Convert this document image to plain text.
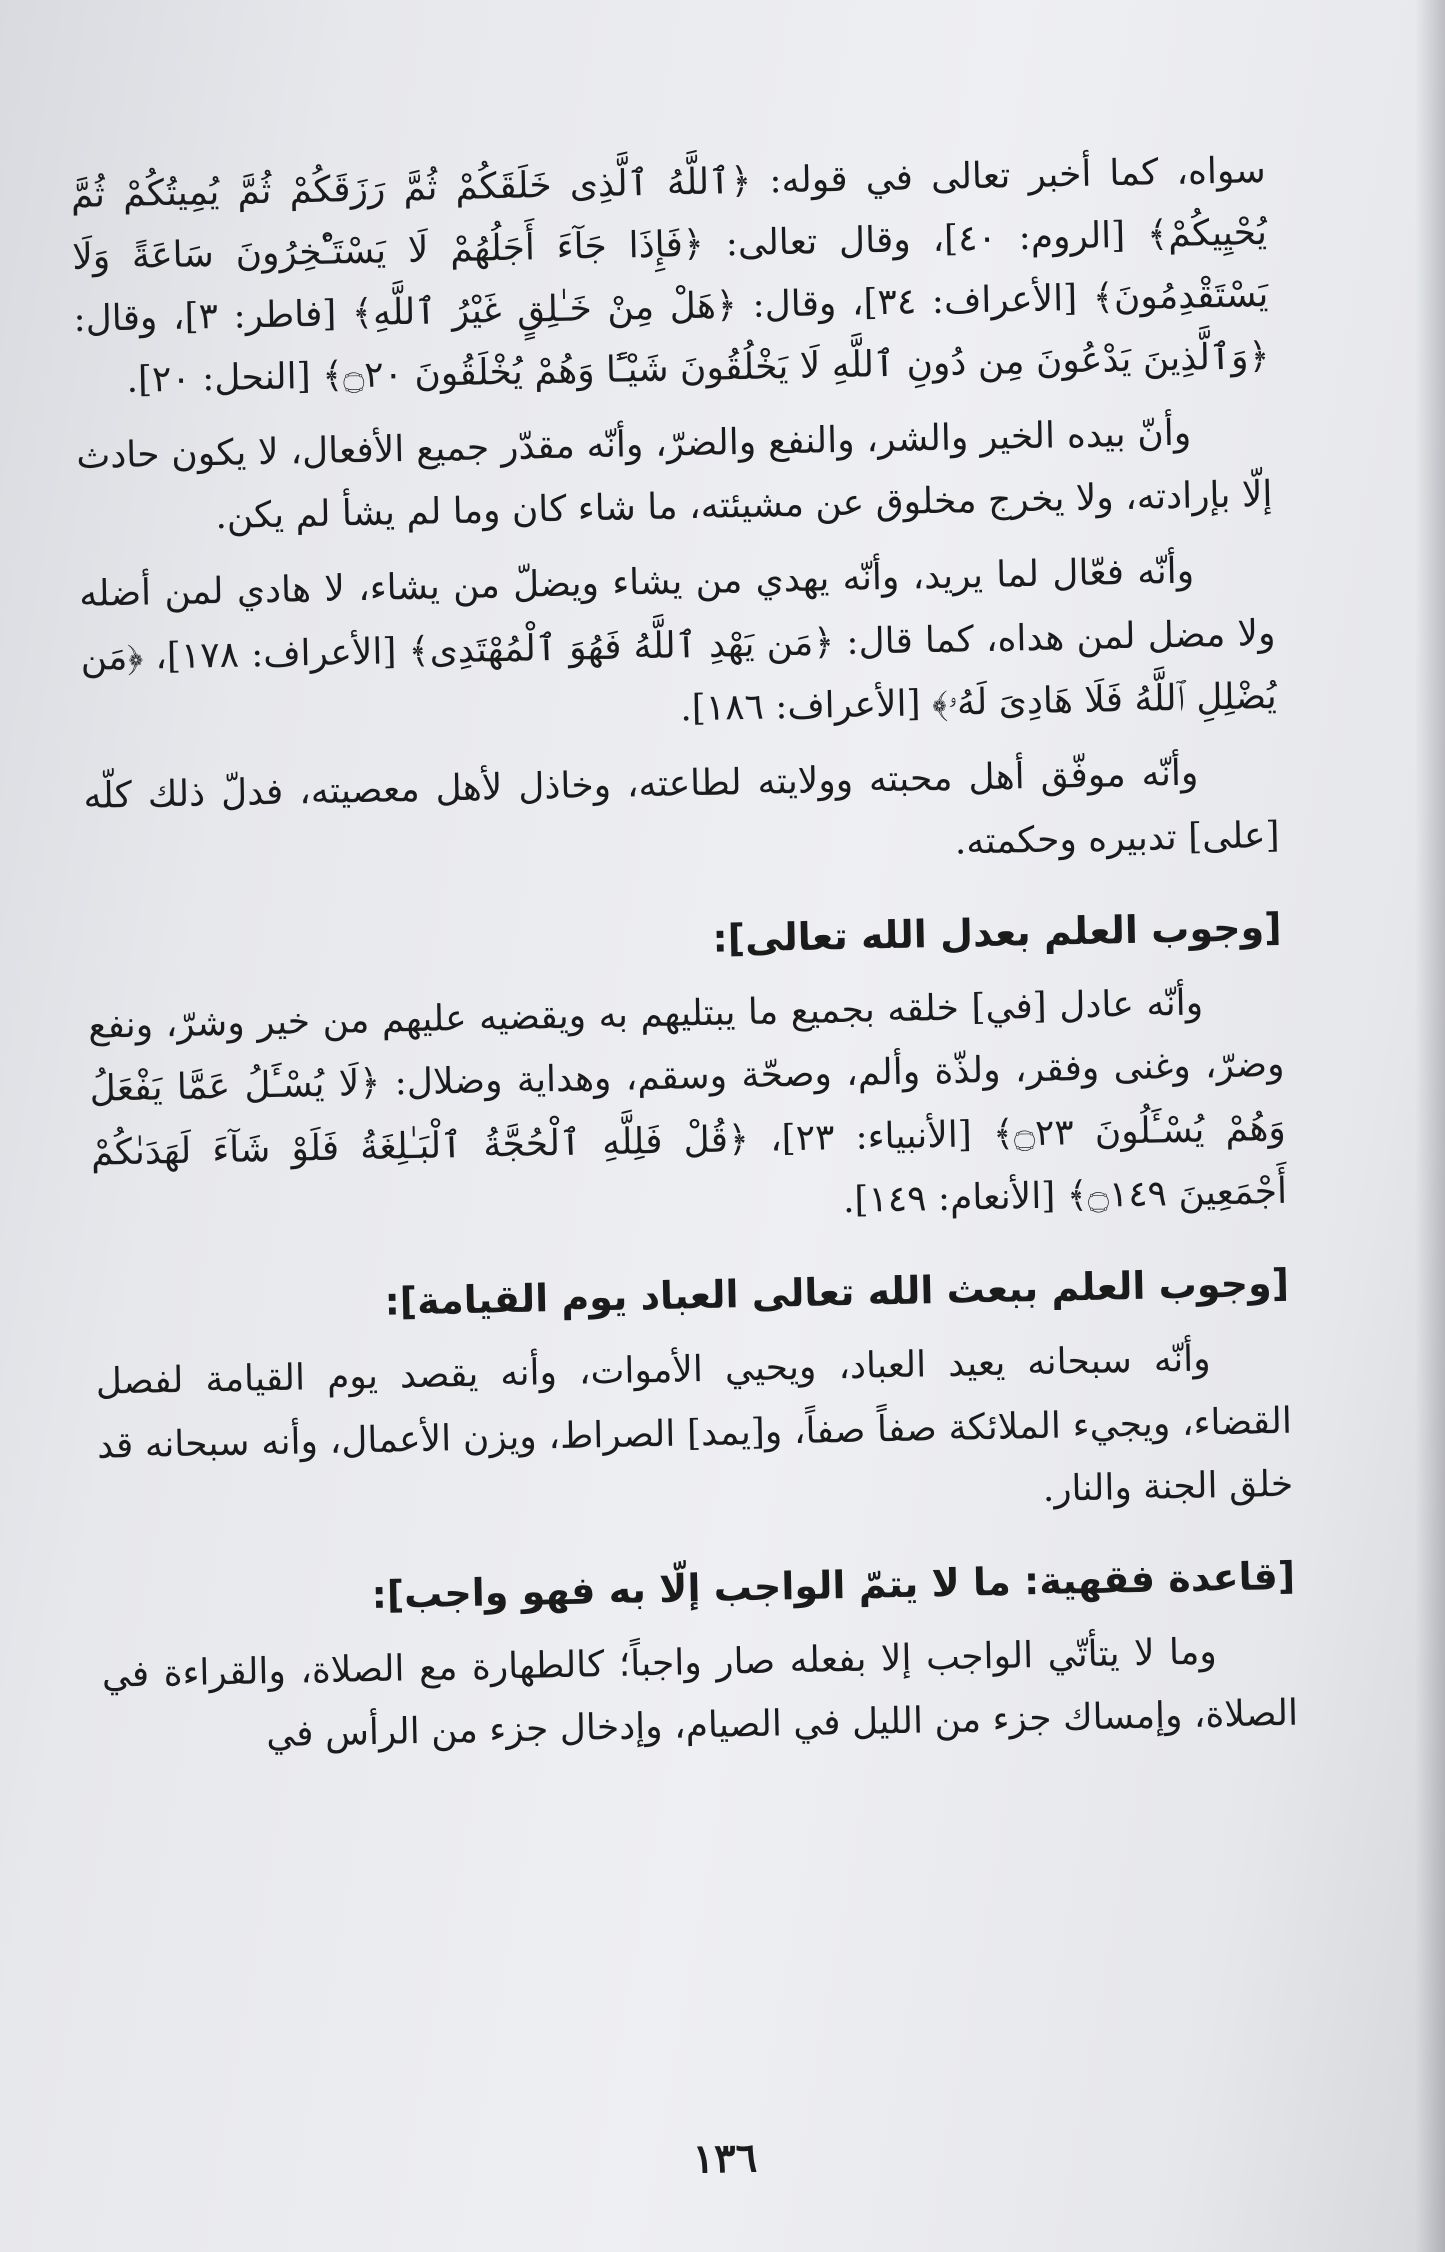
سواه، كما أخبر تعالى في قوله: ﴿ٱللَّهُ ٱلَّذِى خَلَقَكُمْ ثُمَّ رَزَقَكُمْ ثُمَّ يُمِيتُكُمْ ثُمَّ يُحْيِيكُمْ﴾ [الروم: ٤٠]، وقال تعالى: ﴿فَإِذَا جَآءَ أَجَلُهُمْ لَا يَسْتَـْٔخِرُونَ سَاعَةً وَلَا يَسْتَقْدِمُونَ﴾ [الأعراف: ٣٤]، وقال: ﴿هَلْ مِنْ خَـٰلِقٍ غَيْرُ ٱللَّهِ﴾ [فاطر: ٣]، وقال: ﴿وَٱلَّذِينَ يَدْعُونَ مِن دُونِ ٱللَّهِ لَا يَخْلُقُونَ شَيْـًٔا وَهُمْ يُخْلَقُونَ ۝٢٠﴾ [النحل: ٢٠].

وأنّ بيده الخير والشر، والنفع والضرّ، وأنّه مقدّر جميع الأفعال، لا يكون حادث إلّا بإرادته، ولا يخرج مخلوق عن مشيئته، ما شاء كان وما لم يشأ لم يكن.

وأنّه فعّال لما يريد، وأنّه يهدي من يشاء ويضلّ من يشاء، لا هادي لمن أضله ولا مضل لمن هداه، كما قال: ﴿مَن يَهْدِ ٱللَّهُ فَهُوَ ٱلْمُهْتَدِى﴾ [الأعراف: ١٧٨]، ﴿مَن يُضْلِلِ ٱللَّهُ فَلَا هَادِىَ لَهُۥ﴾ [الأعراف: ١٨٦].

وأنّه موفّق أهل محبته وولايته لطاعته، وخاذل لأهل معصيته، فدلّ ذلك كلّه [على] تدبيره وحكمته.

[وجوب العلم بعدل الله تعالى]:

وأنّه عادل [في] خلقه بجميع ما يبتليهم به ويقضيه عليهم من خير وشرّ، ونفع وضرّ، وغنى وفقر، ولذّة وألم، وصحّة وسقم، وهداية وضلال: ﴿لَا يُسْـَٔلُ عَمَّا يَفْعَلُ وَهُمْ يُسْـَٔلُونَ ۝٢٣﴾ [الأنبياء: ٢٣]، ﴿قُلْ فَلِلَّهِ ٱلْحُجَّةُ ٱلْبَـٰلِغَةُ فَلَوْ شَآءَ لَهَدَىٰكُمْ أَجْمَعِينَ ۝١٤٩﴾ [الأنعام: ١٤٩].

[وجوب العلم ببعث الله تعالى العباد يوم القيامة]:

وأنّه سبحانه يعيد العباد، ويحيي الأموات، وأنه يقصد يوم القيامة لفصل القضاء، ويجيء الملائكة صفاً صفاً، و[يمد] الصراط، ويزن الأعمال، وأنه سبحانه قد خلق الجنة والنار.

[قاعدة فقهية: ما لا يتمّ الواجب إلّا به فهو واجب]:

وما لا يتأتّي الواجب إلا بفعله صار واجباً؛ كالطهارة مع الصلاة، والقراءة في الصلاة، وإمساك جزء من الليل في الصيام، وإدخال جزء من الرأس في

١٣٦
